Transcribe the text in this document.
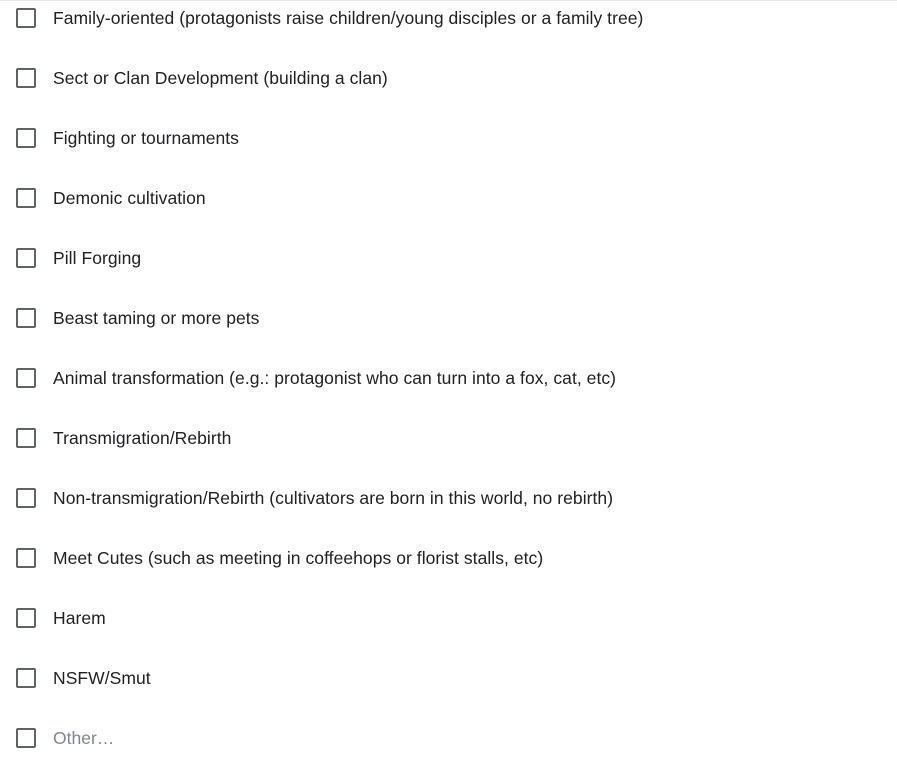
Family-oriented (protagonists raise children/young disciples or a family tree)
Sect or Clan Development (building a clan)
Fighting or tournaments
Demonic cultivation
Pill Forging
Beast taming or more pets
Animal transformation (e.g.: protagonist who can turn into a fox, cat, etc)
Transmigration/Rebirth
Non-transmigration/Rebirth (cultivators are born in this world, no rebirth)
Meet Cutes (such as meeting in coffeehops or florist stalls, etc)
Harem
NSFW/Smut
Other…
